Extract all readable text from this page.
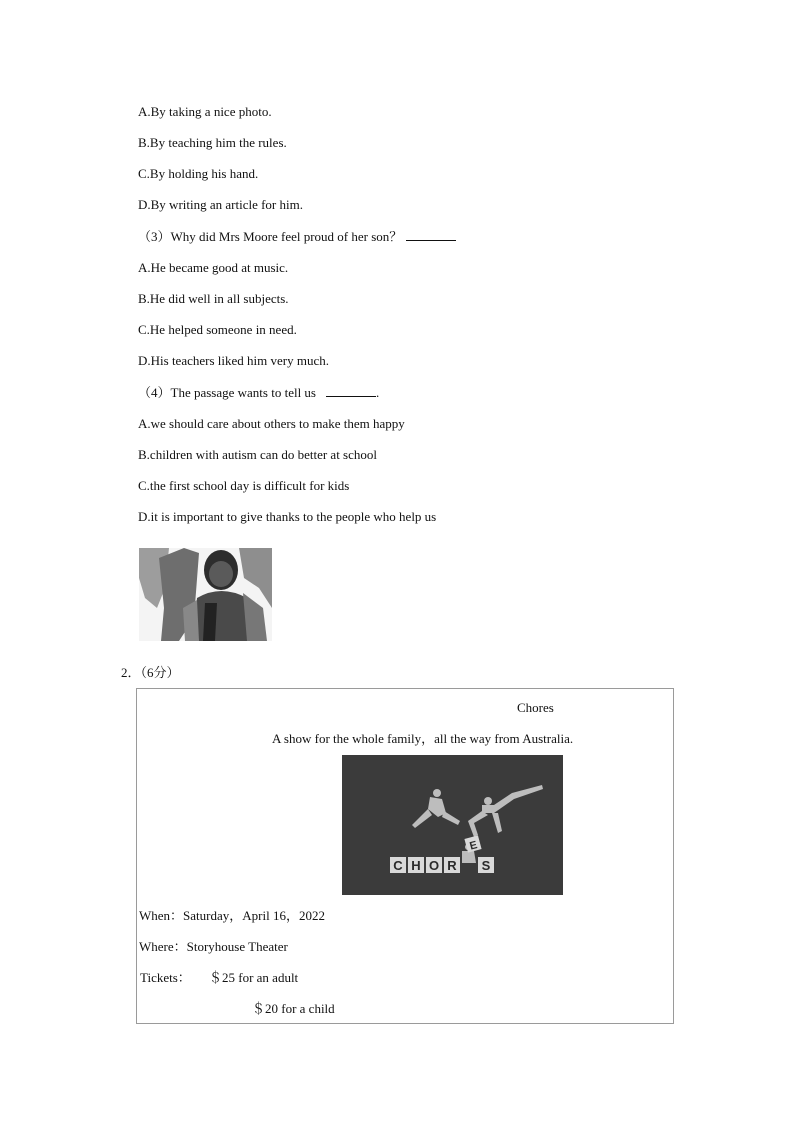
A.By taking a nice photo.
B.By teaching him the rules.
C.By holding his hand.
D.By writing an article for him.
（3）Why did Mrs Moore feel proud of her son？
A.He became good at music.
B.He did well in all subjects.
C.He helped someone in need.
D.His teachers liked him very much.
（4）The passage wants to tell us	.
A.we should care about others to make them happy
B.children with autism can do better at school
C.the first school day is difficult for kids
D.it is important to give thanks to the people who help us
2．（6分）
Chores
A show for the whole family，all the way from Australia.
C H O R
E
S
When：Saturday，April 16，2022
Where：Storyhouse Theater
Tickets： ＄25 for an adult
＄20 for a child
